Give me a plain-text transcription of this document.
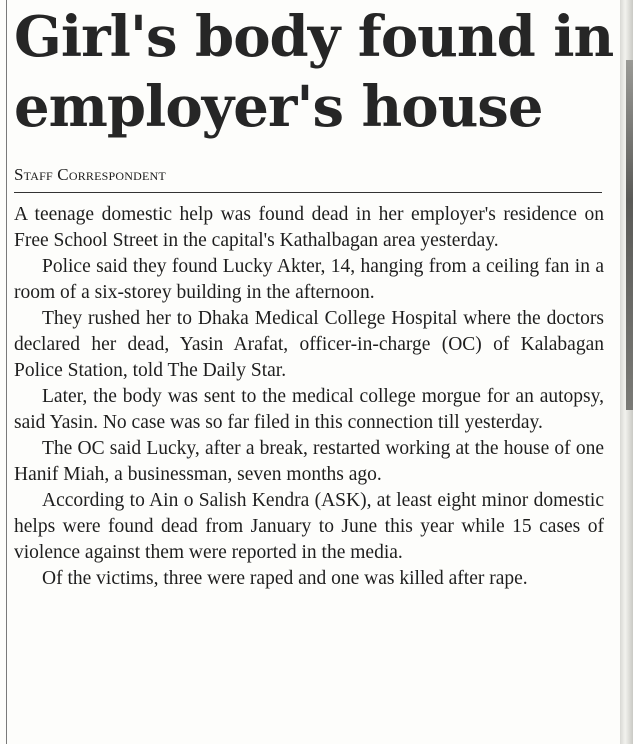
Girl's body found in
employer's house
Staff Correspondent

A teenage domestic help was found dead in her employer's residence on Free School Street in the capital's Kathalbagan area yesterday.

Police said they found Lucky Akter, 14, hanging from a ceiling fan in a room of a six-storey building in the afternoon.

They rushed her to Dhaka Medical College Hospital where the doctors declared her dead, Yasin Arafat, officer-in-charge (OC) of Kalabagan Police Station, told The Daily Star.

Later, the body was sent to the medical college morgue for an autopsy, said Yasin. No case was so far filed in this connection till yesterday.

The OC said Lucky, after a break, restarted working at the house of one Hanif Miah, a businessman, seven months ago.

According to Ain o Salish Kendra (ASK), at least eight minor domestic helps were found dead from January to June this year while 15 cases of violence against them were reported in the media.

Of the victims, three were raped and one was killed after rape.
